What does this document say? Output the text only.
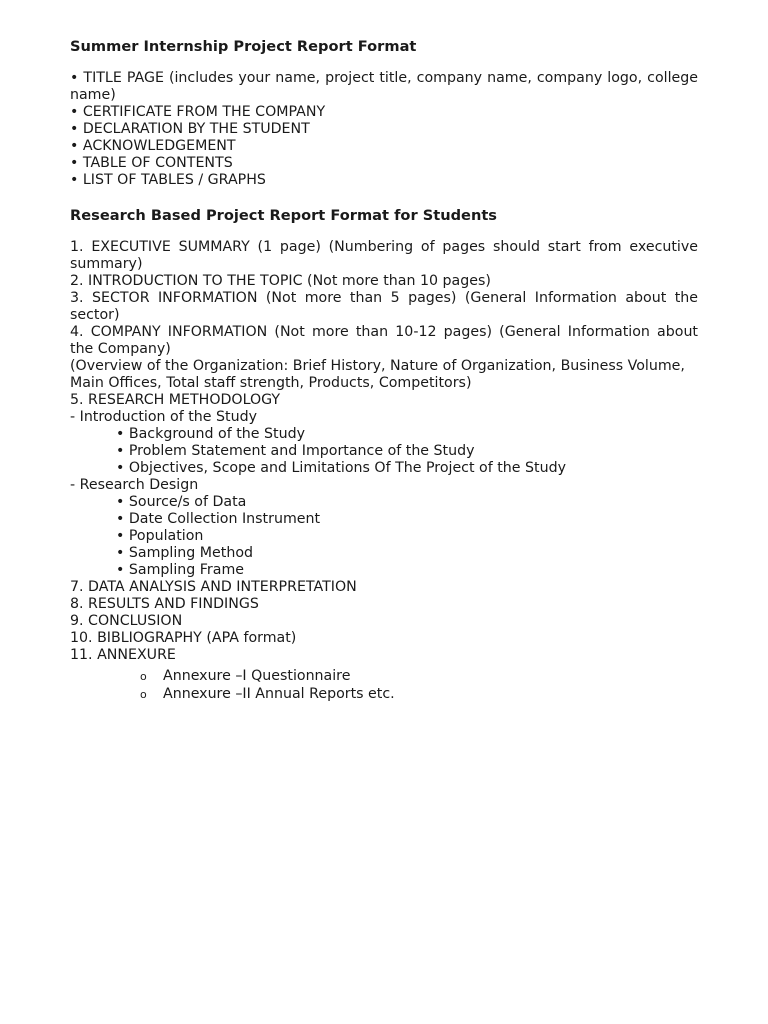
Summer Internship Project Report Format
• TITLE PAGE (includes your name, project title, company name, company logo, college name)
• CERTIFICATE FROM THE COMPANY
• DECLARATION BY THE STUDENT
• ACKNOWLEDGEMENT
• TABLE OF CONTENTS
• LIST OF TABLES / GRAPHS
Research Based Project Report Format for Students
1. EXECUTIVE SUMMARY (1 page) (Numbering of pages should start from executive summary)
2. INTRODUCTION TO THE TOPIC (Not more than 10 pages)
3. SECTOR INFORMATION (Not more than 5 pages) (General Information about the sector)
4. COMPANY INFORMATION (Not more than 10-12 pages) (General Information about the Company)
(Overview of the Organization: Brief History, Nature of Organization, Business Volume,
Main Offices, Total staff strength, Products, Competitors)
5. RESEARCH METHODOLOGY
- Introduction of the Study
• Background of the Study
• Problem Statement and Importance of the Study
• Objectives, Scope and Limitations Of The Project of the Study
- Research Design
• Source/s of Data
• Date Collection Instrument
• Population
• Sampling Method
• Sampling Frame
7. DATA ANALYSIS AND INTERPRETATION
8. RESULTS AND FINDINGS
9. CONCLUSION
10. BIBLIOGRAPHY (APA format)
11. ANNEXURE
o Annexure –I Questionnaire
o Annexure –II Annual Reports etc.
